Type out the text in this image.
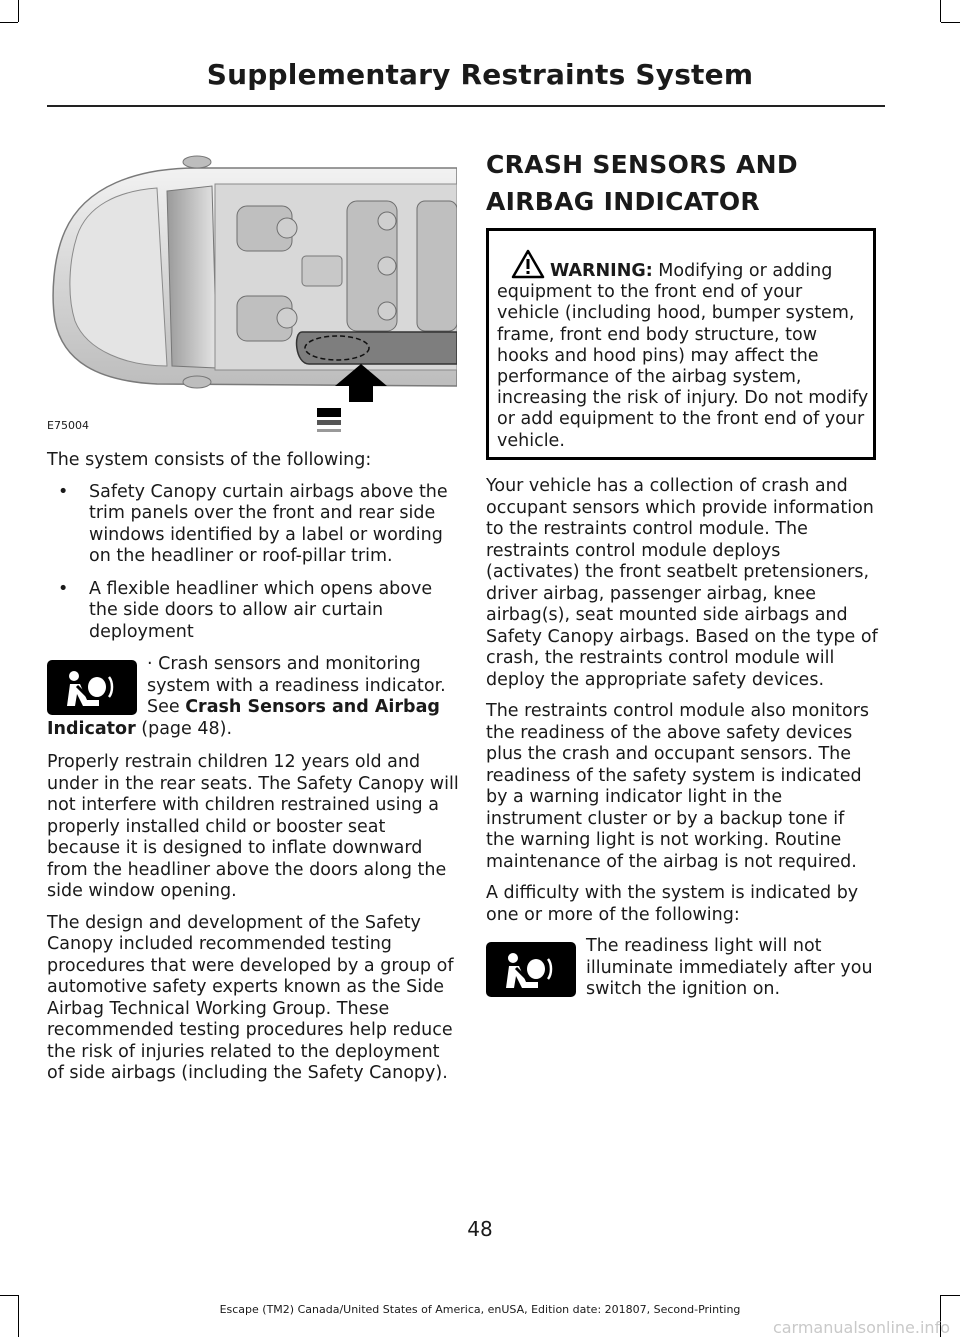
Supplementary Restraints System
E75004

The system consists of the following:

• Safety Canopy curtain airbags above the trim panels over the front and rear side windows identified by a label or wording on the headliner or roof-pillar trim.
• A flexible headliner which opens above the side doors to allow air curtain deployment
· Crash sensors and monitoring system with a readiness indicator. See Crash Sensors and Airbag Indicator (page 48).

Properly restrain children 12 years old and under in the rear seats. The Safety Canopy will not interfere with children restrained using a properly installed child or booster seat because it is designed to inflate downward from the headliner above the doors along the side window opening.

The design and development of the Safety Canopy included recommended testing procedures that were developed by a group of automotive safety experts known as the Side Airbag Technical Working Group. These recommended testing procedures help reduce the risk of injuries related to the deployment of side airbags (including the Safety Canopy).

CRASH SENSORS AND
AIRBAG INDICATOR
WARNING: Modifying or adding equipment to the front end of your vehicle (including hood, bumper system, frame, front end body structure, tow hooks and hood pins) may affect the performance of the airbag system, increasing the risk of injury. Do not modify or add equipment to the front end of your vehicle.

Your vehicle has a collection of crash and occupant sensors which provide information to the restraints control module. The restraints control module deploys (activates) the front seatbelt pretensioners, driver airbag, passenger airbag, knee airbag(s), seat mounted side airbags and Safety Canopy airbags. Based on the type of crash, the restraints control module will deploy the appropriate safety devices.

The restraints control module also monitors the readiness of the above safety devices plus the crash and occupant sensors. The readiness of the safety system is indicated by a warning indicator light in the instrument cluster or by a backup tone if the warning light is not working. Routine maintenance of the airbag is not required.

A difficulty with the system is indicated by one or more of the following:

The readiness light will not illuminate immediately after you switch the ignition on.
48
Escape (TM2) Canada/United States of America, enUSA, Edition date: 201807, Second-Printing
carmanualsonline.info
